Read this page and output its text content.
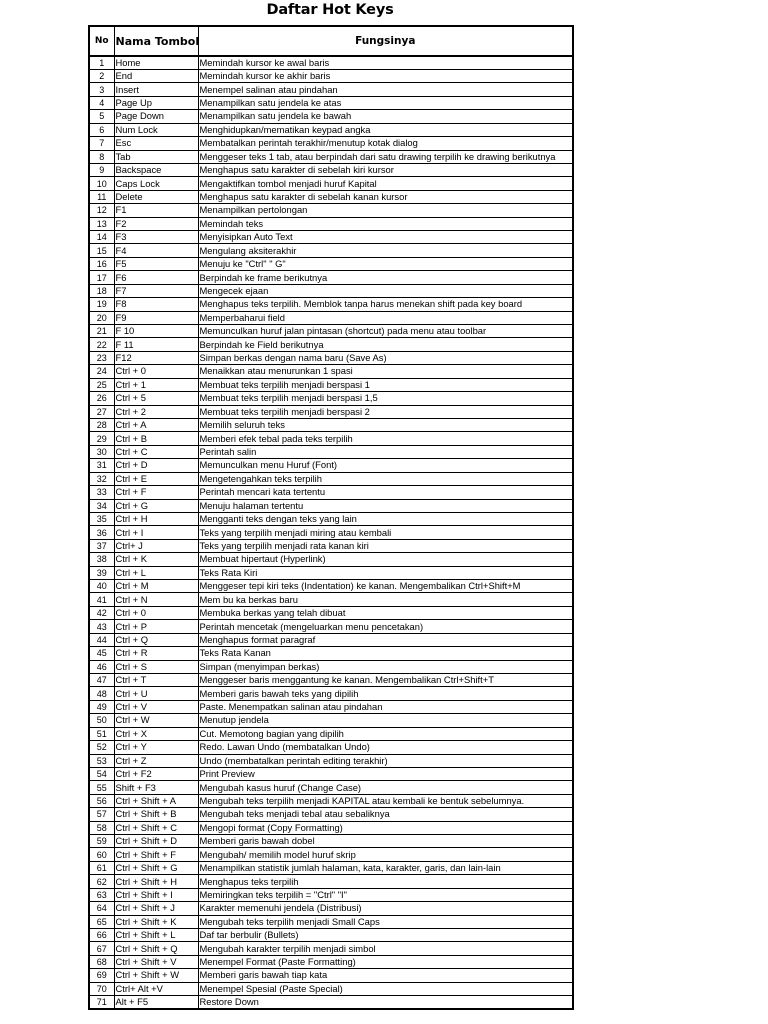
Daftar Hot Keys
No	Nama Tombol	Fungsinya
1	Home	Memindah kursor ke awal baris
2	End	Memindah kursor ke akhir baris
3	Insert	Menempel salinan atau pindahan
4	Page Up	Menampilkan satu jendela ke atas
5	Page Down	Menampilkan satu jendela ke bawah
6	Num Lock	Menghidupkan/mematikan keypad angka
7	Esc	Membatalkan perintah terakhir/menutup kotak dialog
8	Tab	Menggeser teks 1 tab, atau berpindah dari satu drawing terpilih ke drawing berikutnya
9	Backspace	Menghapus satu karakter di sebelah kiri kursor
10	Caps Lock	Mengaktifkan tombol menjadi huruf Kapital
11	Delete	Menghapus satu karakter di sebelah kanan kursor
12	F1	Menampilkan pertolongan
13	F2	Memindah teks
14	F3	Menyisipkan Auto Text
15	F4	Mengulang aksiterakhir
16	F5	Menuju ke "Ctrl" " G"
17	F6	Berpindah ke frame berikutnya
18	F7	Mengecek ejaan
19	F8	Menghapus teks terpilih. Memblok tanpa harus menekan shift pada key board
20	F9	Memperbaharui field
21	F 10	Memunculkan huruf jalan pintasan (shortcut) pada menu atau toolbar
22	F 11	Berpindah ke Field berikutnya
23	F12	Simpan berkas dengan nama baru (Save As)
24	Ctrl + 0	Menaikkan atau menurunkan 1 spasi
25	Ctrl + 1	Membuat teks terpilih menjadi berspasi 1
26	Ctrl + 5	Membuat teks terpilih menjadi berspasi 1,5
27	Ctrl + 2	Membuat teks terpilih menjadi berspasi 2
28	Ctrl + A	Memilih seluruh teks
29	Ctrl + B	Memberi efek tebal pada teks terpilih
30	Ctrl + C	Perintah salin
31	Ctrl + D	Memunculkan menu Huruf (Font)
32	Ctrl + E	Mengetengahkan teks terpilih
33	Ctrl + F	Perintah mencari kata tertentu
34	Ctrl + G	Menuju halaman tertentu
35	Ctrl + H	Mengganti teks dengan teks yang lain
36	Ctrl + I	Teks yang terpilih menjadi miring atau kembali
37	Ctrl+ J	Teks yang terpilih menjadi rata kanan kiri
38	Ctrl + K	Membuat hipertaut (Hyperlink)
39	Ctrl + L	Teks Rata Kiri
40	Ctrl + M	Menggeser tepi kiri teks (Indentation) ke kanan. Mengembalikan Ctrl+Shift+M
41	Ctrl + N	Mem bu ka berkas baru
42	Ctrl + 0	Membuka berkas yang telah dibuat
43	Ctrl + P	Perintah mencetak (mengeluarkan menu pencetakan)
44	Ctrl + Q	Menghapus format paragraf
45	Ctrl + R	Teks Rata Kanan
46	Ctrl + S	Simpan (menyimpan berkas)
47	Ctrl + T	Menggeser baris menggantung ke kanan. Mengembalikan Ctrl+Shift+T
48	Ctrl + U	Memberi garis bawah teks yang dipilih
49	Ctrl + V	Paste. Menempatkan salinan atau pindahan
50	Ctrl + W	Menutup jendela
51	Ctrl + X	Cut. Memotong bagian yang dipilih
52	Ctrl + Y	Redo. Lawan Undo (membatalkan Undo)
53	Ctrl + Z	Undo (membatalkan perintah editing terakhir)
54	Ctrl + F2	Print Preview
55	Shift + F3	Mengubah kasus huruf (Change Case)
56	Ctrl + Shift + A	Mengubah teks terpilih menjadi KAPITAL atau kembali ke bentuk sebelumnya.
57	Ctrl + Shift + B	Mengubah teks menjadi tebal atau sebaliknya
58	Ctrl + Shift + C	Mengopi format (Copy Formatting)
59	Ctrl + Shift + D	Memberi garis bawah dobel
60	Ctrl + Shift + F	Mengubah/ memilih model huruf skrip
61	Ctrl + Shift + G	Menampilkan statistik jumlah halaman, kata, karakter, garis, dan lain-lain
62	Ctrl + Shift + H	Menghapus teks terpilih
63	Ctrl + Shift + I	Memiringkan teks terpilih = "Ctrl" "I"
64	Ctrl + Shift + J	Karakter memenuhi jendela (Distribusi)
65	Ctrl + Shift + K	Mengubah teks terpilih menjadi Small Caps
66	Ctrl + Shift + L	Daf tar berbulir (Bullets)
67	Ctrl + Shift + Q	Mengubah karakter terpilih menjadi simbol
68	Ctrl + Shift + V	Menempel Format (Paste Formatting)
69	Ctrl + Shift + W	Memberi garis bawah tiap kata
70	Ctrl+ Alt +V	Menempel Spesial (Paste Special)
71	Alt + F5	Restore Down
